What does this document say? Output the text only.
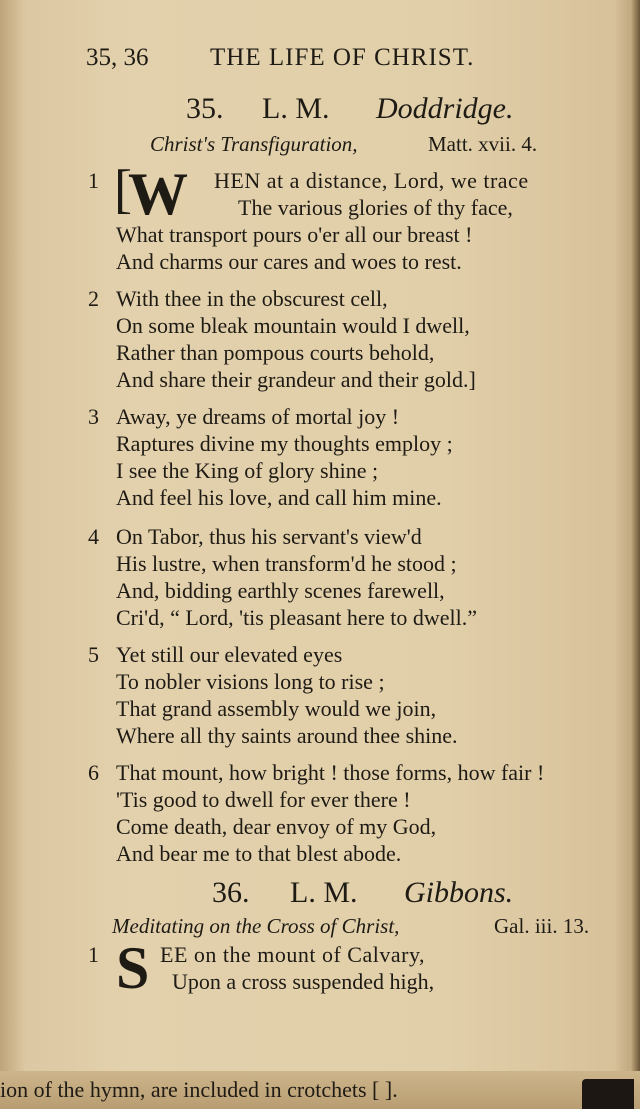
35, 36 THE LIFE OF CHRIST.
35. L. M. Doddridge.
Christ's Transfiguration,	Matt. xvii. 4.
1 [
W HEN at a distance, Lord, we trace
The various glories of thy face,
What transport pours o'er all our breast !
And charms our cares and woes to rest.
2 With thee in the obscurest cell,
On some bleak mountain would I dwell,
Rather than pompous courts behold,
And share their grandeur and their gold.]
3 Away, ye dreams of mortal joy !
Raptures divine my thoughts employ ;
I see the King of glory shine ;
And feel his love, and call him mine.
4 On Tabor, thus his servant's view'd
His lustre, when transform'd he stood ;
And, bidding earthly scenes farewell,
Cri'd, “ Lord, 'tis pleasant here to dwell.”
5 Yet still our elevated eyes
To nobler visions long to rise ;
That grand assembly would we join,
Where all thy saints around thee shine.
6 That mount, how bright ! those forms, how fair !
'Tis good to dwell for ever there !
Come death, dear envoy of my God,
And bear me to that blest abode.
36. L. M. Gibbons.
Meditating on the Cross of Christ,	Gal. iii. 13.
1 S EE on the mount of Calvary,
Upon a cross suspended high,
ion of the hymn, are included in crotchets [ ].
